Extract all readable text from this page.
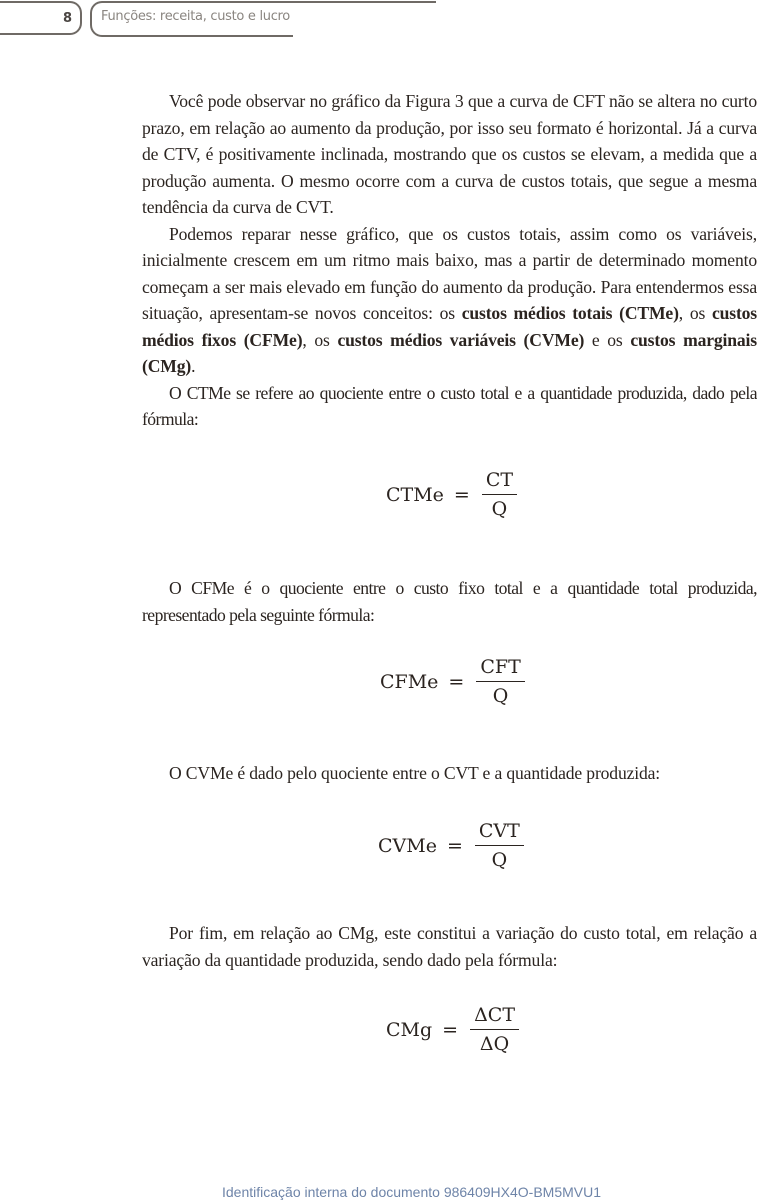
8 Funções: receita, custo e lucro

Você pode observar no gráfico da Figura 3 que a curva de CFT não se altera no curto prazo, em relação ao aumento da produção, por isso seu formato é horizontal. Já a curva de CTV, é positivamente inclinada, mostrando que os custos se elevam, a medida que a produção aumenta. O mesmo ocorre com a curva de custos totais, que segue a mesma tendência da curva de CVT.

Podemos reparar nesse gráfico, que os custos totais, assim como os variáveis, inicialmente crescem em um ritmo mais baixo, mas a partir de determinado momento começam a ser mais elevado em função do aumento da produção. Para entendermos essa situação, apresentam-se novos conceitos: os custos médios totais (CTMe), os custos médios fixos (CFMe), os custos médios variáveis (CVMe) e os custos marginais (CMg).

O CTMe se refere ao quociente entre o custo total e a quantidade produzida, dado pela fórmula:

CTMe = $\frac{CT}{Q}$

O CFMe é o quociente entre o custo fixo total e a quantidade total produzida, representado pela seguinte fórmula:

CFMe = $\frac{\text{CFT}}{Q}$

O CVMe é dado pelo quociente entre o CVT e a quantidade produzida:

CVMe = $\frac{\text{CVT}}{Q}$

Por fim, em relação ao CMg, este constitui a variação do custo total, em relação a variação da quantidade produzida, sendo dado pela fórmula:

CMg = $\frac{\text{ΔCT}}{\Delta Q}$
Identificação interna do documento 986409HX4O-BM5MVU1
